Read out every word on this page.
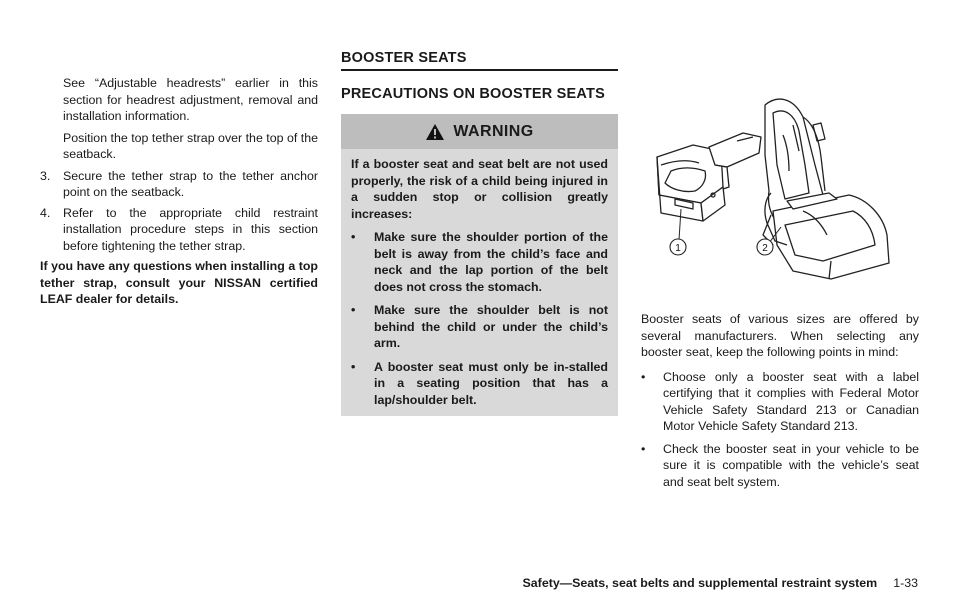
See “Adjustable headrests” earlier in this section for headrest adjustment, removal and installation information.

Position the top tether strap over the top of the seatback.

3.	Secure the tether strap to the tether anchor point on the seatback.
4.	Refer to the appropriate child restraint installation procedure steps in this section before tightening the tether strap.

If you have any questions when installing a top tether strap, consult your NISSAN certified LEAF dealer for details.

BOOSTER SEATS
PRECAUTIONS ON BOOSTER SEATS
WARNING

If a booster seat and seat belt are not used properly, the risk of a child being injured in a sudden stop or collision greatly increases:

•	Make sure the shoulder portion of the belt is away from the child’s face and neck and the lap portion of the belt does not cross the stomach.
•	Make sure the shoulder belt is not behind the child or under the child’s arm.
•	A booster seat must only be in-stalled in a seating position that has a lap/shoulder belt.
1	2

Booster seats of various sizes are offered by several manufacturers. When selecting any booster seat, keep the following points in mind:

•	Choose only a booster seat with a label certifying that it complies with Federal Motor Vehicle Safety Standard 213 or Canadian Motor Vehicle Safety Standard 213.
•	Check the booster seat in your vehicle to be sure it is compatible with the vehicle’s seat and seat belt system.
Safety—Seats, seat belts and supplemental restraint system 1-33
